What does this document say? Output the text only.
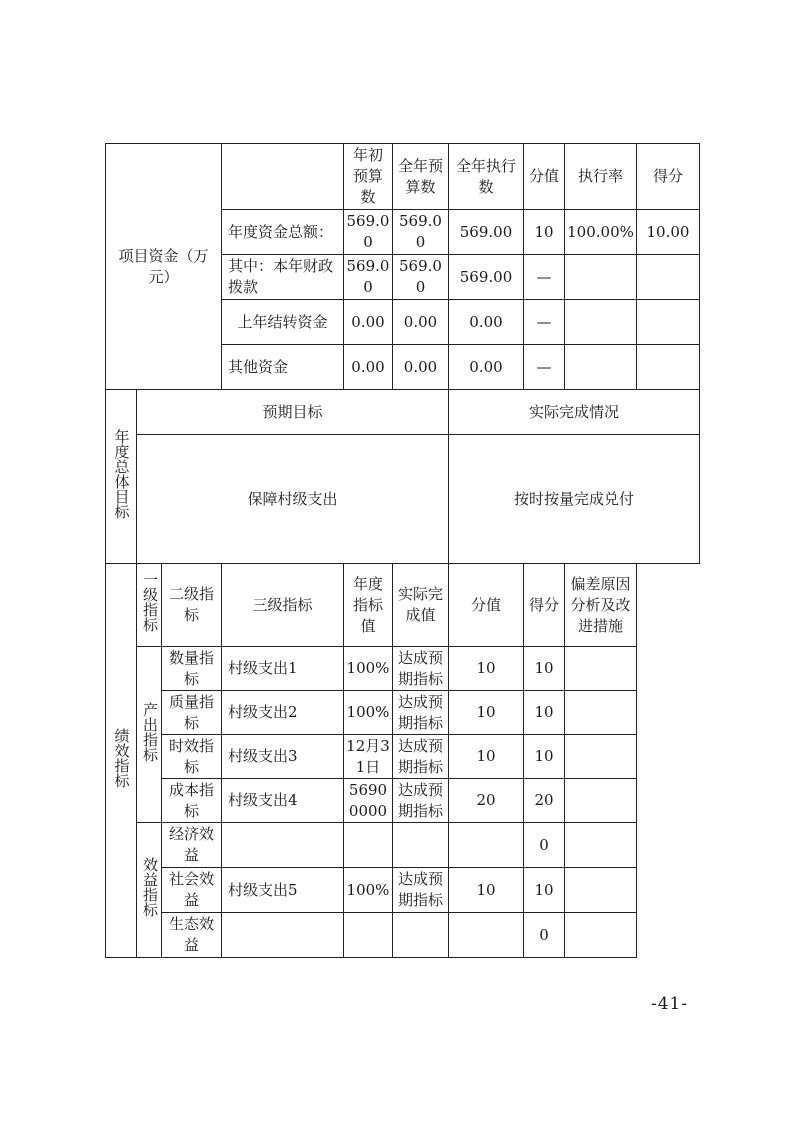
项目资金（万元）				年初预算数	全年预算数	全年执行数	分值	执行率	得分
			年度资金总额：	569.00	569.00	569.00	10	100.00%	10.00
			其中：本年财政拨款	569.00	569.00	569.00	—		
			上年结转资金	0.00	0.00	0.00	—		
			其他资金	0.00	0.00	0.00	—		
年度总体目标	预期目标					实际完成情况			
	保障村级支出					按时按量完成兑付			
绩效指标	一级指标	二级指标	三级指标	年度指标值	实际完成值	分值	得分	偏差原因分析及改进措施	
	产出指标	数量指标	村级支出1	100%	达成预期指标	10	10		
		质量指标	村级支出2	100%	达成预期指标	10	10		
		时效指标	村级支出3	12月31日	达成预期指标	10	10		
		成本指标	村级支出4	56900000	达成预期指标	20	20		
	效益指标	经济效益					0		
		社会效益	村级支出5	100%	达成预期指标	10	10		
		生态效益					0		
-41-
